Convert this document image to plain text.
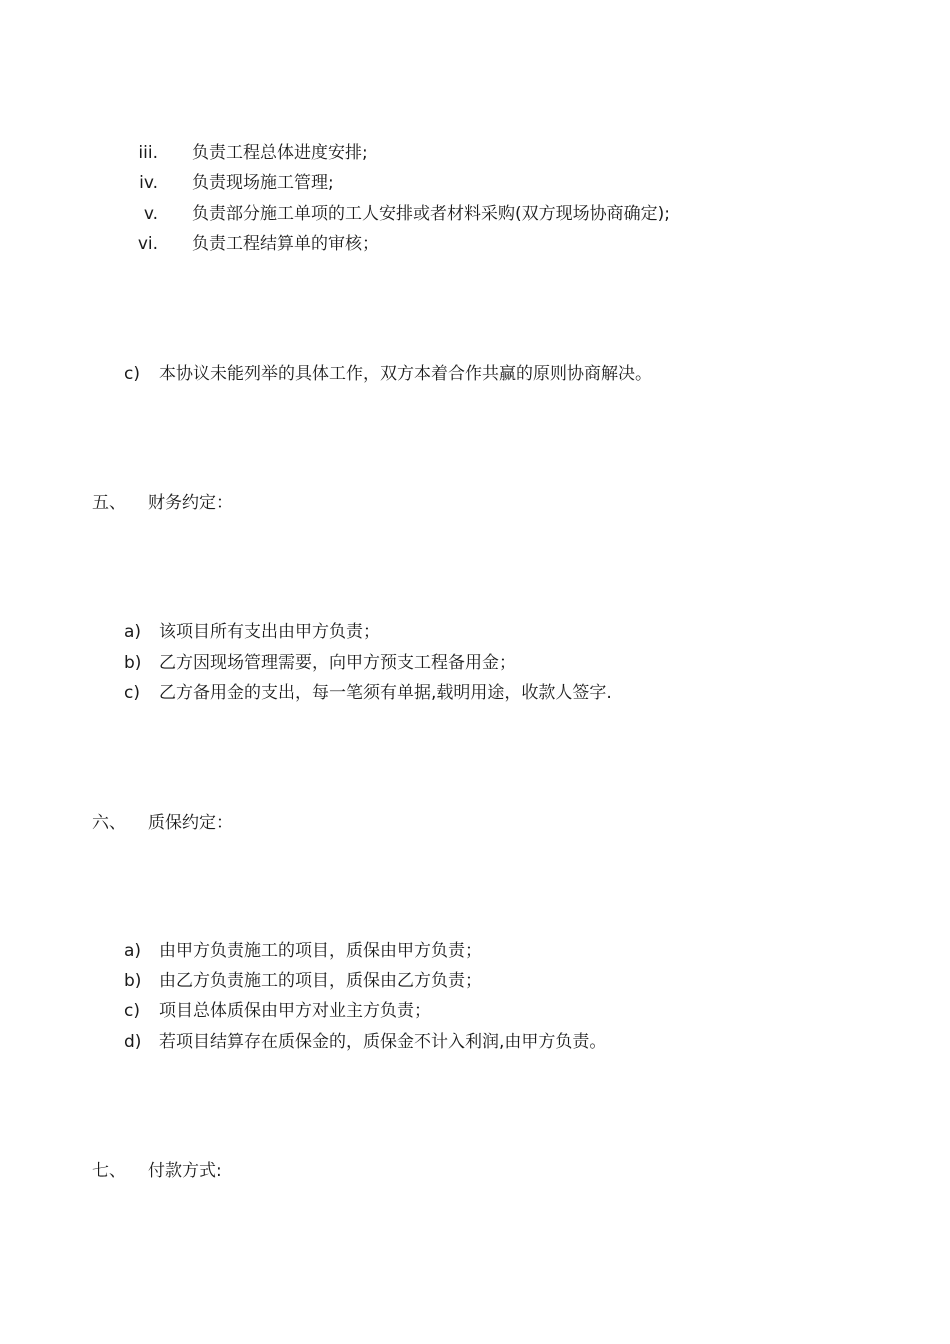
iii. 负责工程总体进度安排;
iv. 负责现场施工管理;
v. 负责部分施工单项的工人安排或者材料采购(双方现场协商确定);
vi. 负责工程结算单的审核；
c) 本协议未能列举的具体工作，双方本着合作共赢的原则协商解决。
五、 财务约定：
a) 该项目所有支出由甲方负责；
b) 乙方因现场管理需要，向甲方预支工程备用金；
c) 乙方备用金的支出，每一笔须有单据,载明用途，收款人签字.
六、 质保约定：
a) 由甲方负责施工的项目，质保由甲方负责；
b) 由乙方负责施工的项目，质保由乙方负责；
c) 项目总体质保由甲方对业主方负责；
d) 若项目结算存在质保金的，质保金不计入利润,由甲方负责。
七、 付款方式:
